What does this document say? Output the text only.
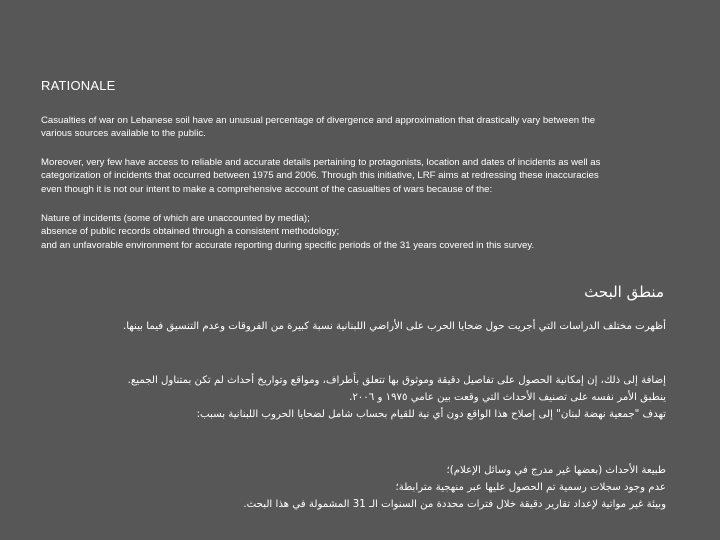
RATIONALE
Casualties of war on Lebanese soil have an unusual percentage of divergence and approximation that drastically vary between the
various sources available to the public.
Moreover, very few have access to reliable and accurate details pertaining to protagonists, location and dates of incidents as well as
categorization of incidents that occurred between 1975 and 2006. Through this initiative, LRF aims at redressing these inaccuracies
even though it is not our intent to make a comprehensive account of the casualties of wars because of the:
Nature of incidents (some of which are unaccounted by media);
absence of public records obtained through a consistent methodology;
and an unfavorable environment for accurate reporting during specific periods of the 31 years covered in this survey.
منطق البحث
أظهرت مختلف الدراسات التي أجريت حول ضحايا الحرب على الأراضي اللبنانية نسبة كبيرة من الفروقات وعدم التنسيق فيما بينها.
إضافة إلى ذلك، إن إمكانية الحصول على تفاصيل دقيقة وموثوق بها تتعلق بأطراف، ومواقع وتواريخ أحداث لم تكن بمتناول الجميع.
ينطبق الأمر نفسه على تصنيف الأحداث التي وقعت بين عامي ١٩٧٥ و ٢٠٠٦.
تهدف "جمعية نهضة لبنان" إلى إصلاح هذا الواقع دون أي نية للقيام بحساب شامل لضحايا الحروب اللبنانية بسبب:
طبيعة الأحداث (بعضها غير مدرج في وسائل الإعلام)؛
عدم وجود سجلات رسمية تم الحصول عليها عبر منهجية مترابطة؛
وبيئة غير مواتية لإعداد تقارير دقيقة خلال فترات محددة من السنوات الـ 31 المشمولة في هذا البحث.
